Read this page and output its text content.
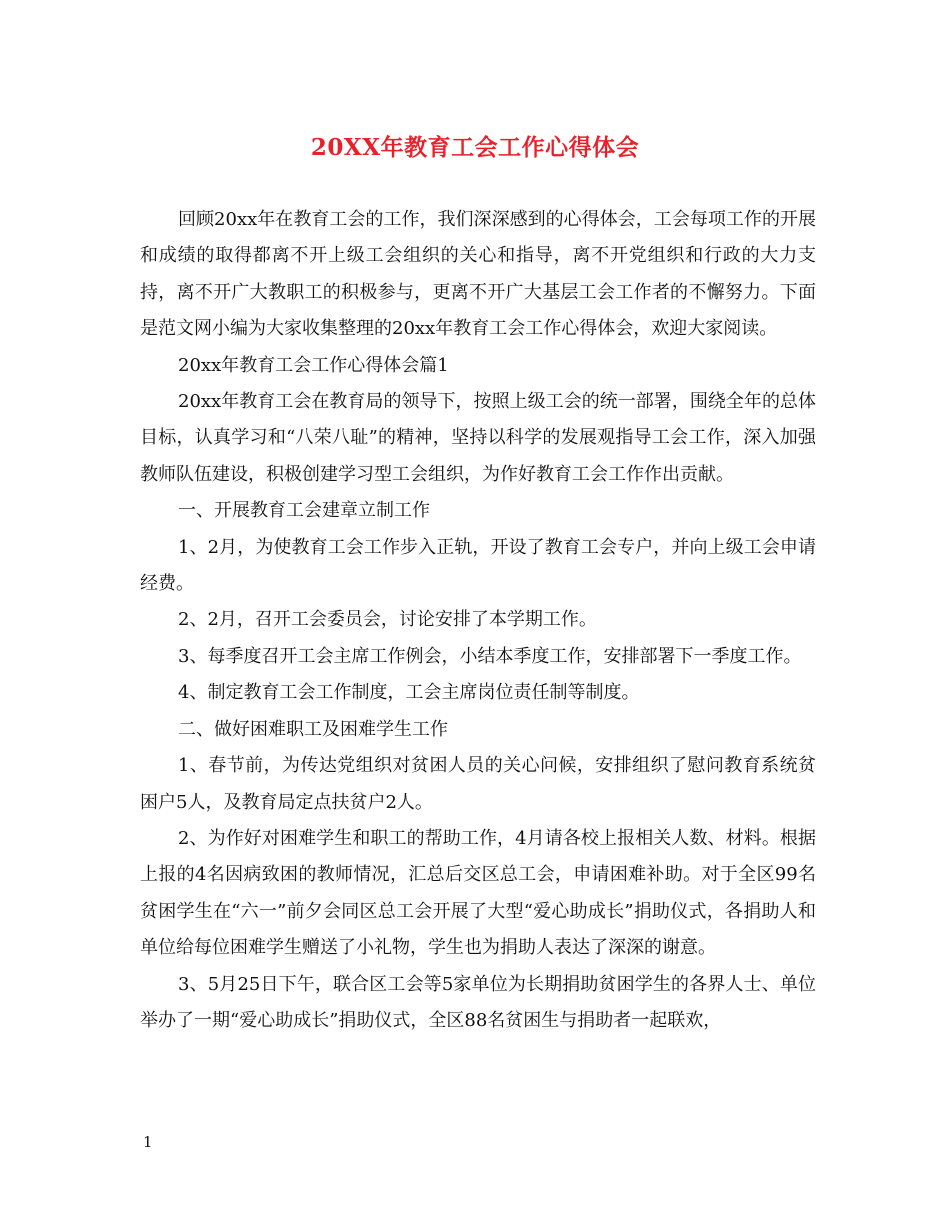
20XX年教育工会工作心得体会

回顾20xx年在教育工会的工作，我们深深感到的心得体会，工会每项工作的开展和成绩的取得都离不开上级工会组织的关心和指导，离不开党组织和行政的大力支持，离不开广大教职工的积极参与，更离不开广大基层工会工作者的不懈努力。下面是范文网小编为大家收集整理的20xx年教育工会工作心得体会，欢迎大家阅读。

20xx年教育工会工作心得体会篇1

20xx年教育工会在教育局的领导下，按照上级工会的统一部署，围绕全年的总体目标，认真学习和“八荣八耻”的精神，坚持以科学的发展观指导工会工作，深入加强教师队伍建设，积极创建学习型工会组织，为作好教育工会工作作出贡献。

一、开展教育工会建章立制工作

1、2月，为使教育工会工作步入正轨，开设了教育工会专户，并向上级工会申请经费。

2、2月，召开工会委员会，讨论安排了本学期工作。

3、每季度召开工会主席工作例会，小结本季度工作，安排部署下一季度工作。

4、制定教育工会工作制度，工会主席岗位责任制等制度。

二、做好困难职工及困难学生工作

1、春节前，为传达党组织对贫困人员的关心问候，安排组织了慰问教育系统贫困户5人，及教育局定点扶贫户2人。

2、为作好对困难学生和职工的帮助工作，4月请各校上报相关人数、材料。根据上报的4名因病致困的教师情况，汇总后交区总工会，申请困难补助。对于全区99名贫困学生在“六一”前夕会同区总工会开展了大型“爱心助成长”捐助仪式，各捐助人和单位给每位困难学生赠送了小礼物，学生也为捐助人表达了深深的谢意。

3、5月25日下午，联合区工会等5家单位为长期捐助贫困学生的各界人士、单位举办了一期“爱心助成长”捐助仪式，全区88名贫困生与捐助者一起联欢，

1
